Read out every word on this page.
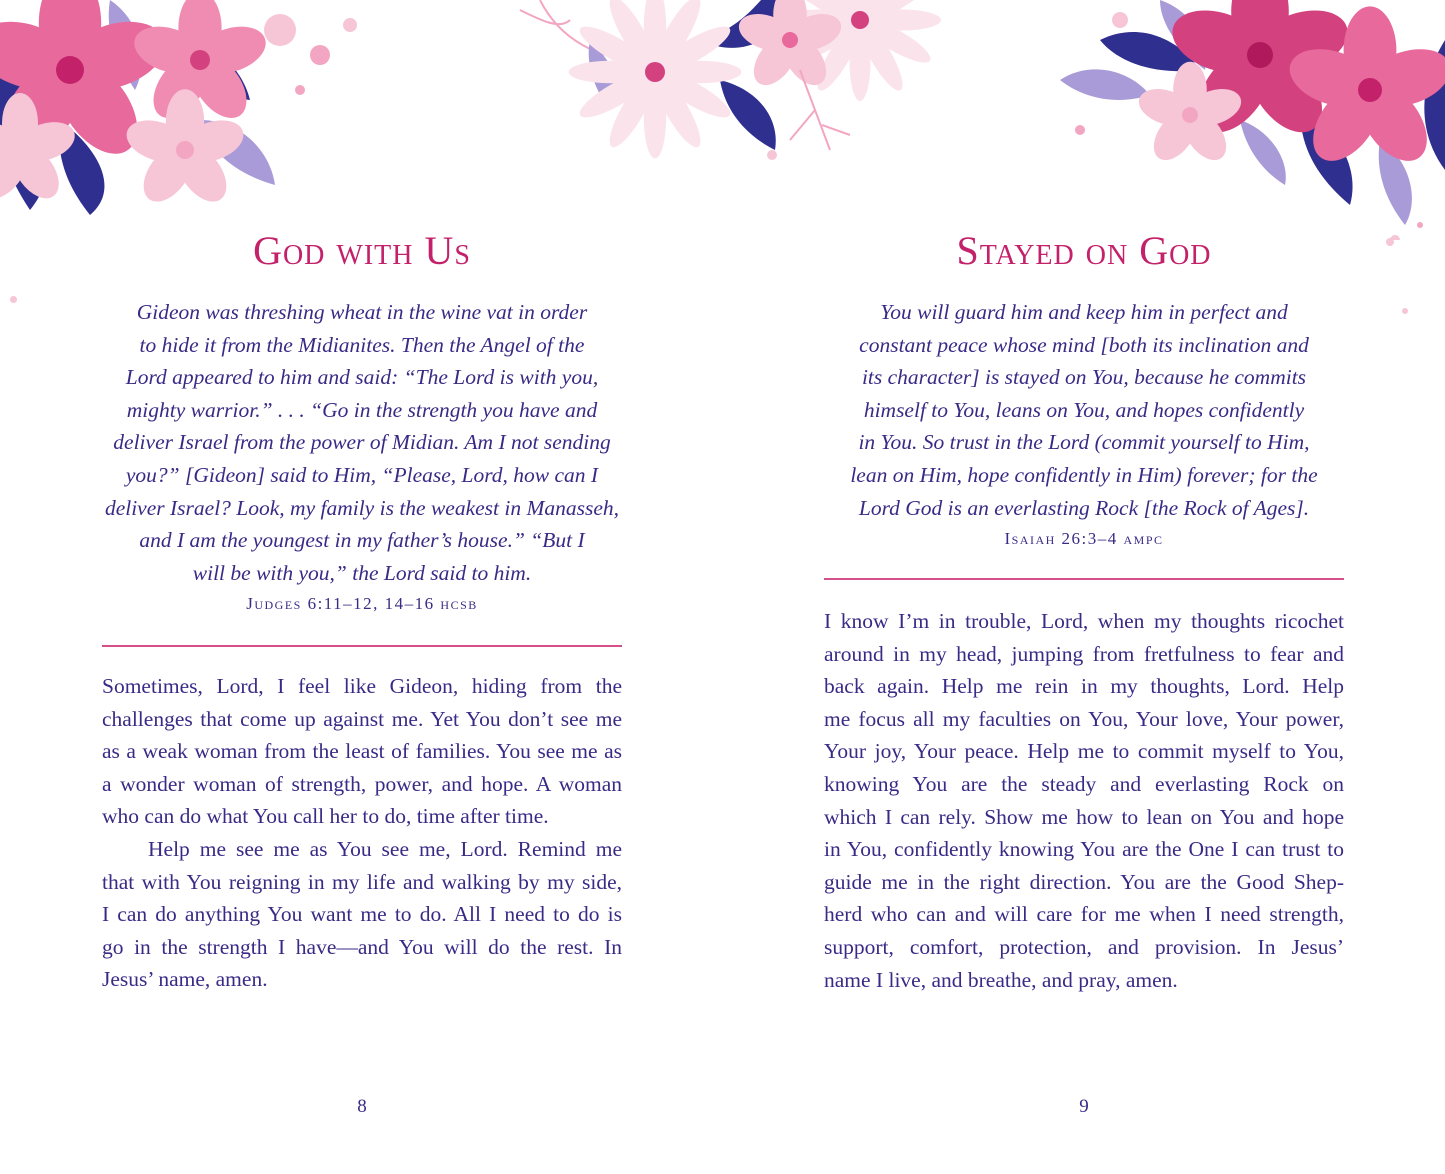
God with Us
Gideon was threshing wheat in the wine vat in order
to hide it from the Midianites. Then the Angel of the
Lord appeared to him and said: “The Lord is with you,
mighty warrior.” . . . “Go in the strength you have and
deliver Israel from the power of Midian. Am I not sending
you?” [Gideon] said to Him, “Please, Lord, how can I
deliver Israel? Look, my family is the weakest in Manasseh,
and I am the youngest in my father’s house.” “But I
will be with you,” the Lord said to him.
Judges 6:11–12, 14–16 hcsb
Sometimes, Lord, I feel like Gideon, hiding from the
challenges that come up against me. Yet You don’t see me
as a weak woman from the least of families. You see me as
a wonder woman of strength, power, and hope. A woman
who can do what You call her to do, time after time.
Help me see me as You see me, Lord. Remind me
that with You reigning in my life and walking by my side,
I can do anything You want me to do. All I need to do is
go in the strength I have—and You will do the rest. In
Jesus’ name, amen.
8
Stayed on God
You will guard him and keep him in perfect and
constant peace whose mind [both its inclination and
its character] is stayed on You, because he commits
himself to You, leans on You, and hopes confidently
in You. So trust in the Lord (commit yourself to Him,
lean on Him, hope confidently in Him) forever; for the
Lord God is an everlasting Rock [the Rock of Ages].
Isaiah 26:3–4 ampc
I know I’m in trouble, Lord, when my thoughts ricochet
around in my head, jumping from fretfulness to fear and
back again. Help me rein in my thoughts, Lord. Help
me focus all my faculties on You, Your love, Your power,
Your joy, Your peace. Help me to commit myself to You,
knowing You are the steady and everlasting Rock on
which I can rely. Show me how to lean on You and hope
in You, confidently knowing You are the One I can trust to
guide me in the right direction. You are the Good Shep-
herd who can and will care for me when I need strength,
support, comfort, protection, and provision. In Jesus’
name I live, and breathe, and pray, amen.
9
